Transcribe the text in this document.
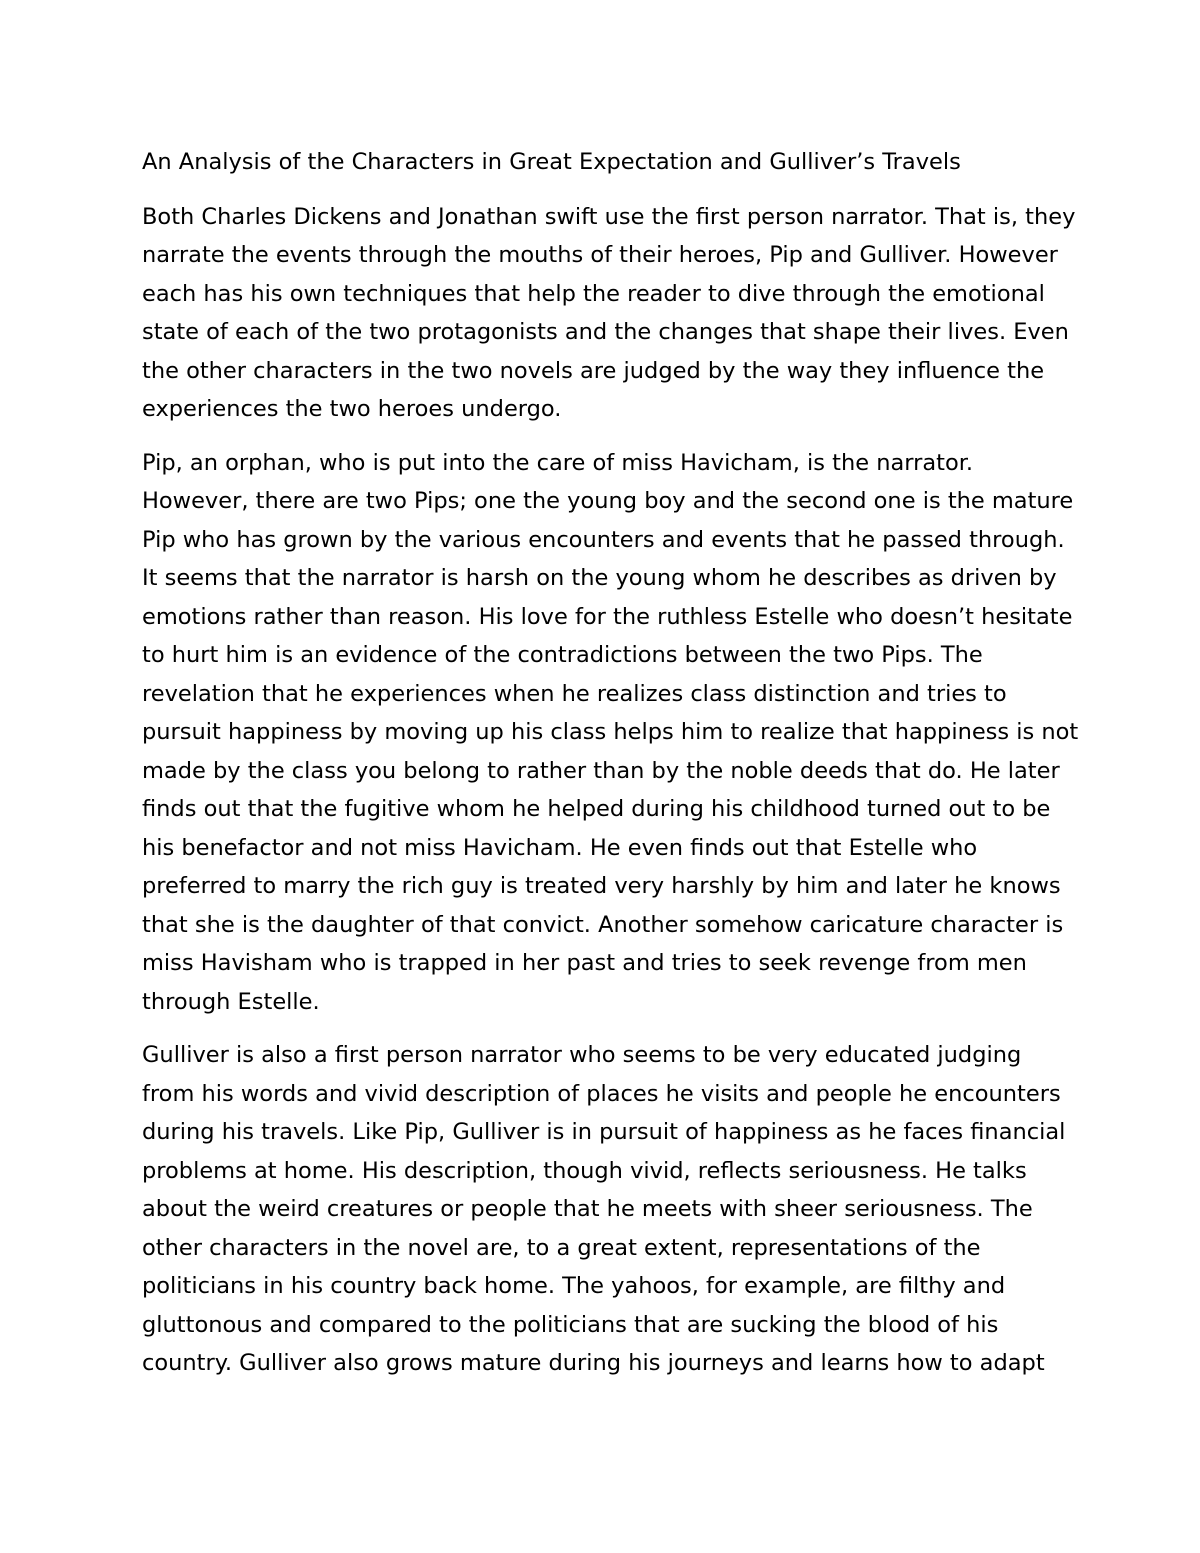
An Analysis of the Characters in Great Expectation and Gulliver’s Travels
Both Charles Dickens and Jonathan swift use the first person narrator. That is, they
narrate the events through the mouths of their heroes, Pip and Gulliver. However
each has his own techniques that help the reader to dive through the emotional
state of each of the two protagonists and the changes that shape their lives. Even
the other characters in the two novels are judged by the way they influence the
experiences the two heroes undergo.
Pip, an orphan, who is put into the care of miss Havicham, is the narrator.
However, there are two Pips; one the young boy and the second one is the mature
Pip who has grown by the various encounters and events that he passed through.
It seems that the narrator is harsh on the young whom he describes as driven by
emotions rather than reason. His love for the ruthless Estelle who doesn’t hesitate
to hurt him is an evidence of the contradictions between the two Pips. The
revelation that he experiences when he realizes class distinction and tries to
pursuit happiness by moving up his class helps him to realize that happiness is not
made by the class you belong to rather than by the noble deeds that do. He later
finds out that the fugitive whom he helped during his childhood turned out to be
his benefactor and not miss Havicham. He even finds out that Estelle who
preferred to marry the rich guy is treated very harshly by him and later he knows
that she is the daughter of that convict. Another somehow caricature character is
miss Havisham who is trapped in her past and tries to seek revenge from men
through Estelle.
Gulliver is also a first person narrator who seems to be very educated judging
from his words and vivid description of places he visits and people he encounters
during his travels. Like Pip, Gulliver is in pursuit of happiness as he faces financial
problems at home. His description, though vivid, reflects seriousness. He talks
about the weird creatures or people that he meets with sheer seriousness. The
other characters in the novel are, to a great extent, representations of the
politicians in his country back home. The yahoos, for example, are filthy and
gluttonous and compared to the politicians that are sucking the blood of his
country. Gulliver also grows mature during his journeys and learns how to adapt
